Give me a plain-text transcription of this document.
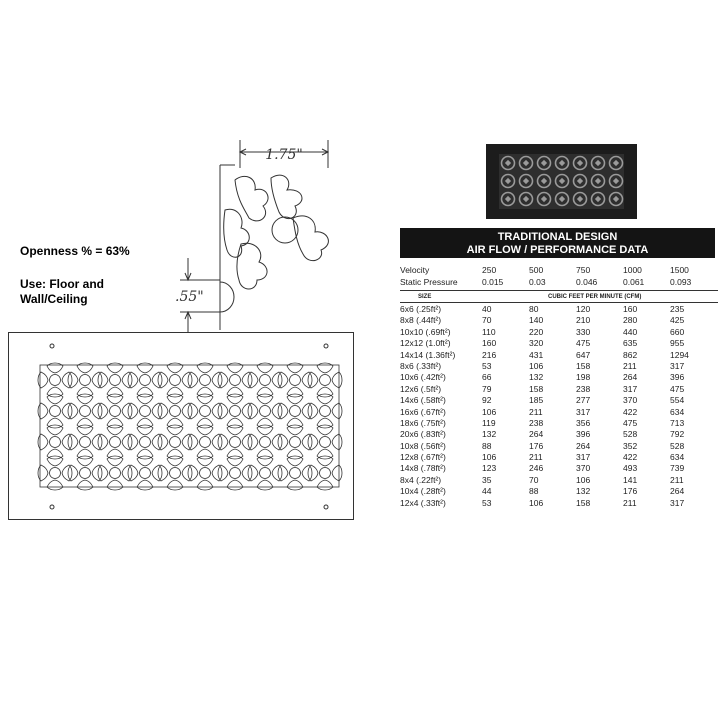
Openness % = 63%
Use: Floor and
Wall/Ceiling
1.75"
.55"
TRADITIONAL DESIGN
AIR FLOW / PERFORMANCE DATA
Velocity	250	500	750	1000	1500
Static Pressure	0.015	0.03	0.046	0.061	0.093
SIZE	CUBIC FEET PER MINUTE (CFM)
6x6 (.25ft²)	40	80	120	160	235
8x8 (.44ft²)	70	140	210	280	425
10x10 (.69ft²)	110	220	330	440	660
12x12 (1.0ft²)	160	320	475	635	955
14x14 (1.36ft²)	216	431	647	862	1294
8x6 (.33ft²)	53	106	158	211	317
10x6 (.42ft²)	66	132	198	264	396
12x6 (.5ft²)	79	158	238	317	475
14x6 (.58ft²)	92	185	277	370	554
16x6 (.67ft²)	106	211	317	422	634
18x6 (.75ft²)	119	238	356	475	713
20x6 (.83ft²)	132	264	396	528	792
10x8 (.56ft²)	88	176	264	352	528
12x8 (.67ft²)	106	211	317	422	634
14x8 (.78ft²)	123	246	370	493	739
8x4 (.22ft²)	35	70	106	141	211
10x4 (.28ft²)	44	88	132	176	264
12x4 (.33ft²)	53	106	158	211	317
